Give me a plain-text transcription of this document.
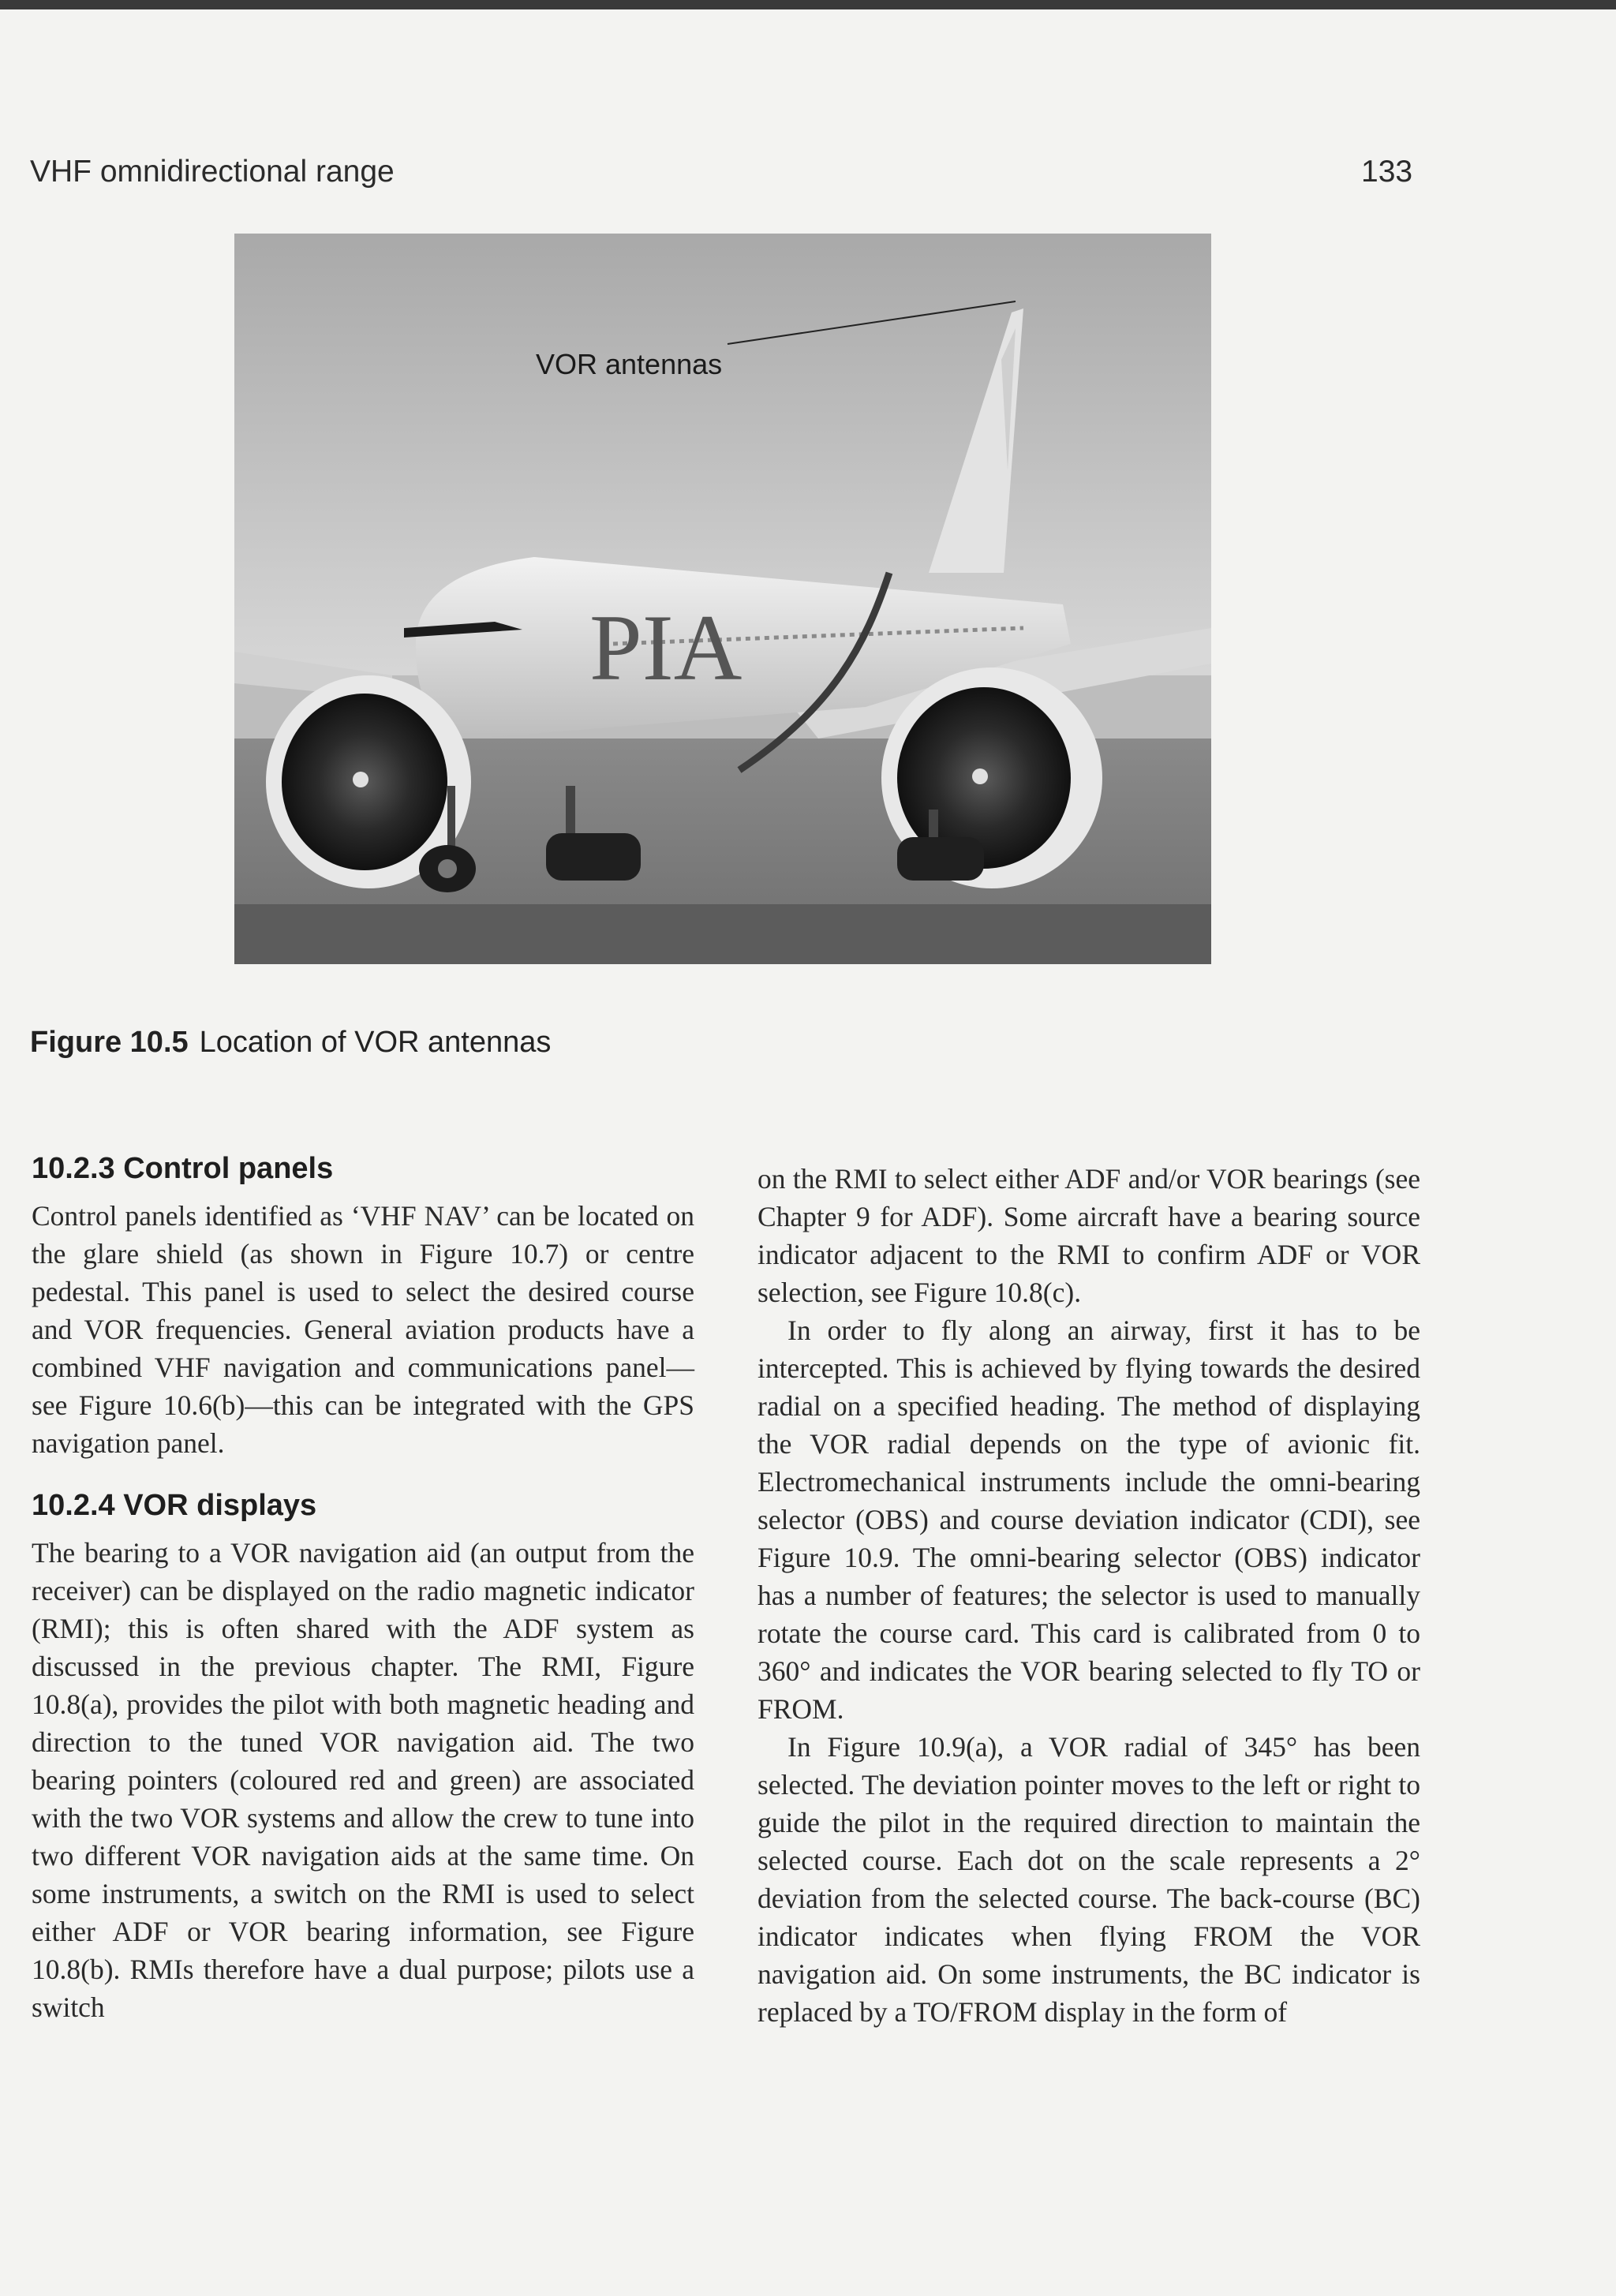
VHF omnidirectional range	133
PIA
VOR antennas
Figure 10.5 Location of VOR antennas
10.2.3 Control panels

Control panels identified as ‘VHF NAV’ can be located on the glare shield (as shown in Figure 10.7) or centre pedestal. This panel is used to select the desired course and VOR frequencies. General aviation products have a combined VHF navigation and communications panel—see Figure 10.6(b)—this can be integrated with the GPS navigation panel.

10.2.4 VOR displays

The bearing to a VOR navigation aid (an output from the receiver) can be displayed on the radio magnetic indicator (RMI); this is often shared with the ADF system as discussed in the previous chapter. The RMI, Figure 10.8(a), provides the pilot with both magnetic heading and direction to the tuned VOR navigation aid. The two bearing pointers (coloured red and green) are associated with the two VOR systems and allow the crew to tune into two different VOR navigation aids at the same time. On some instruments, a switch on the RMI is used to select either ADF or VOR bearing information, see Figure 10.8(b). RMIs therefore have a dual purpose; pilots use a switch

on the RMI to select either ADF and/or VOR bearings (see Chapter 9 for ADF). Some aircraft have a bearing source indicator adjacent to the RMI to confirm ADF or VOR selection, see Figure 10.8(c).

In order to fly along an airway, first it has to be intercepted. This is achieved by flying towards the desired radial on a specified heading. The method of displaying the VOR radial depends on the type of avionic fit. Electromechanical instruments include the omni-bearing selector (OBS) and course deviation indicator (CDI), see Figure 10.9. The omni-bearing selector (OBS) indicator has a number of features; the selector is used to manually rotate the course card. This card is calibrated from 0 to 360° and indicates the VOR bearing selected to fly TO or FROM.

In Figure 10.9(a), a VOR radial of 345° has been selected. The deviation pointer moves to the left or right to guide the pilot in the required direction to maintain the selected course. Each dot on the scale represents a 2° deviation from the selected course. The back-course (BC) indicator indicates when flying FROM the VOR navigation aid. On some instruments, the BC indicator is replaced by a TO/FROM display in the form of
